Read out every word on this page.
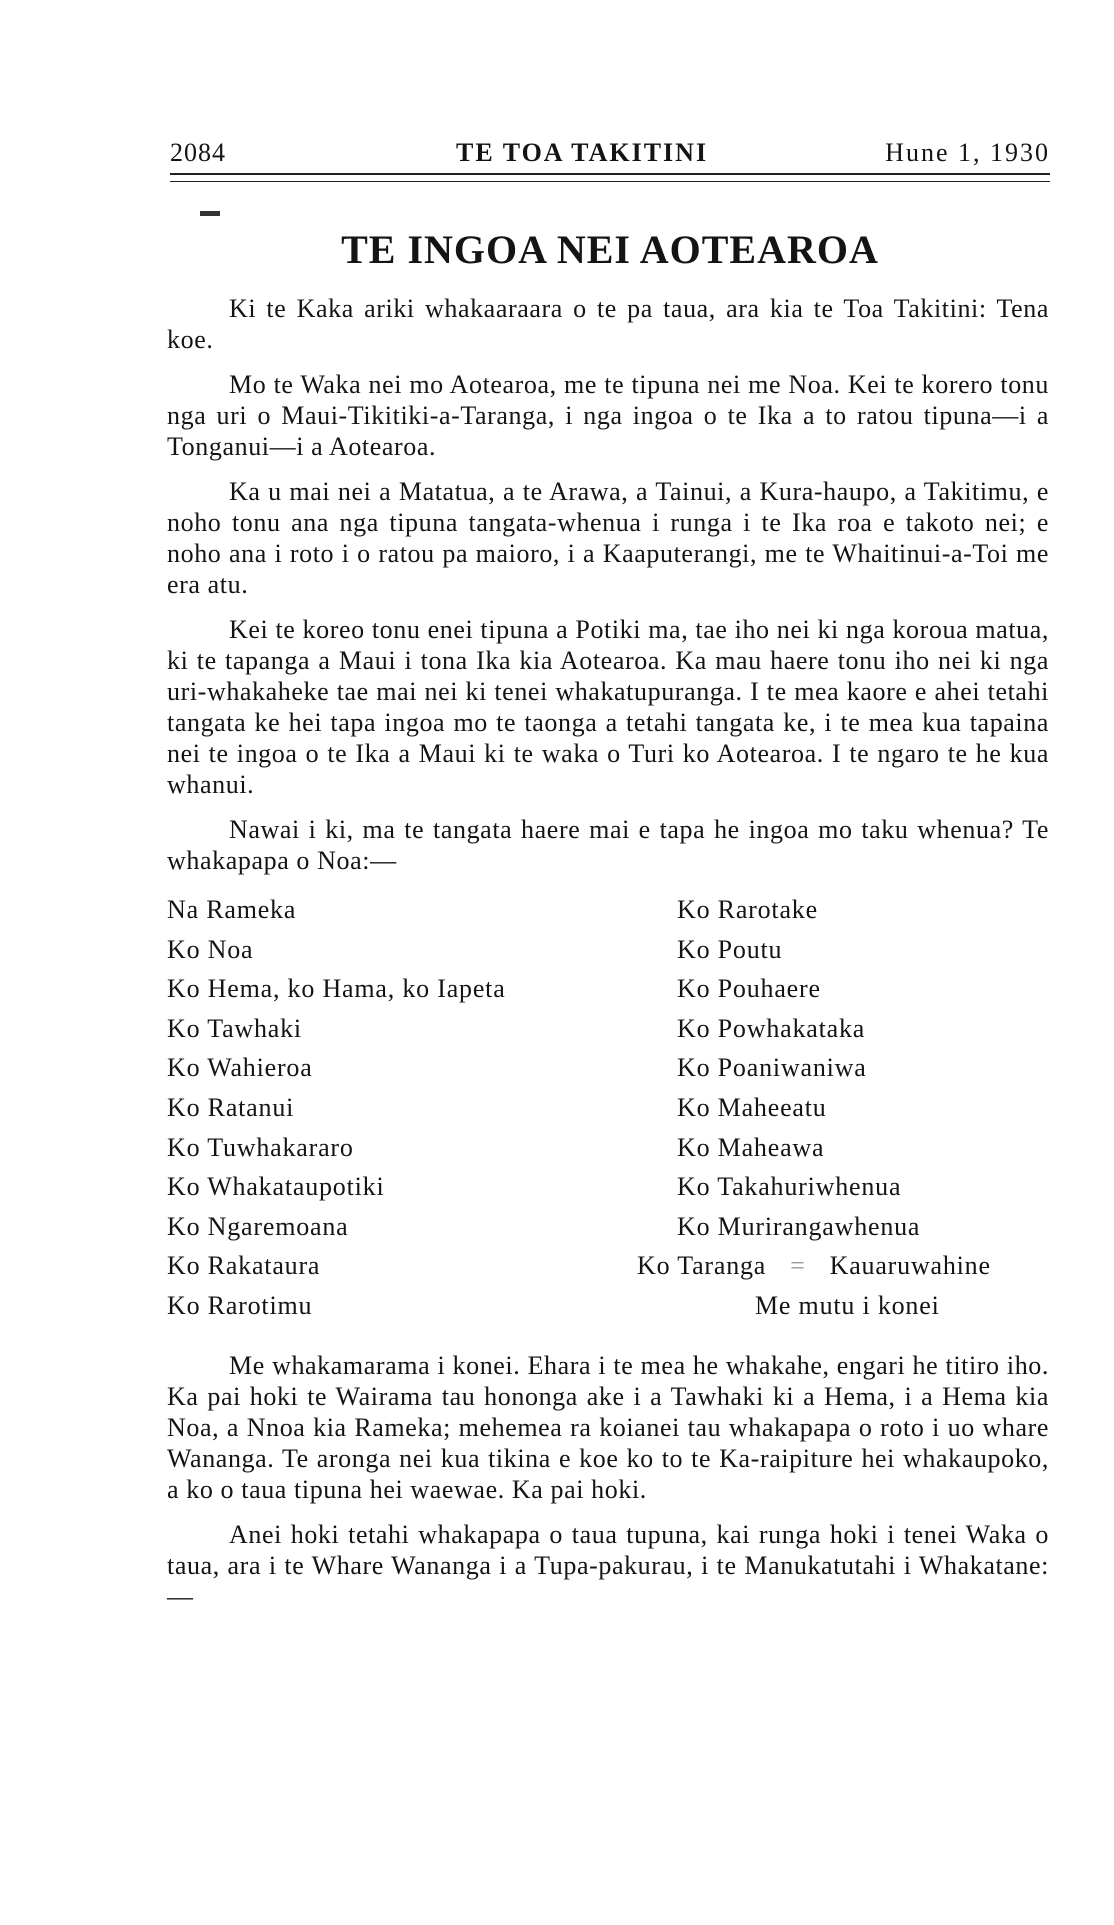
2084	TE TOA TAKITINI	Hune 1, 1930
TE INGOA NEI AOTEAROA

Ki te Kaka ariki whakaaraara o te pa taua, ara kia te Toa Takitini: Tena koe.

Mo te Waka nei mo Aotearoa, me te tipuna nei me Noa. Kei te korero tonu nga uri o Maui-Tikitiki-a-Taranga, i nga ingoa o te Ika a to ratou tipuna—i a Tonganui—i a Aotearoa.

Ka u mai nei a Matatua, a te Arawa, a Tainui, a Kura-haupo, a Takitimu, e noho tonu ana nga tipuna tangata-whenua i runga i te Ika roa e takoto nei; e noho ana i roto i o ratou pa maioro, i a Kaaputerangi, me te Whaitinui-a-Toi me era atu.

Kei te koreo tonu enei tipuna a Potiki ma, tae iho nei ki nga koroua matua, ki te tapanga a Maui i tona Ika kia Aotearoa. Ka mau haere tonu iho nei ki nga uri-whakaheke tae mai nei ki tenei whakatupuranga. I te mea kaore e ahei tetahi tangata ke hei tapa ingoa mo te taonga a tetahi tangata ke, i te mea kua tapaina nei te ingoa o te Ika a Maui ki te waka o Turi ko Aotearoa. I te ngaro te he kua whanui.

Nawai i ki, ma te tangata haere mai e tapa he ingoa mo taku whenua? Te whakapapa o Noa:—

Na Rameka
Ko Noa
Ko Hema, ko Hama, ko Iapeta
Ko Tawhaki
Ko Wahieroa
Ko Ratanui
Ko Tuwhakararo
Ko Whakataupotiki
Ko Ngaremoana
Ko Rakataura
Ko Rarotimu
Ko Rarotake
Ko Poutu
Ko Pouhaere
Ko Powhakataka
Ko Poaniwaniwa
Ko Maheeatu
Ko Maheawa
Ko Takahuriwhenua
Ko Murirangawhenua
Ko Taranga = Kauaruwahine
Me mutu i konei

Me whakamarama i konei. Ehara i te mea he whakahe, engari he titiro iho. Ka pai hoki te Wairama tau hononga ake i a Tawhaki ki a Hema, i a Hema kia Noa, a Nnoa kia Rameka; mehemea ra koianei tau whakapapa o roto i uo whare Wananga. Te aronga nei kua tikina e koe ko to te Ka-raipiture hei whakaupoko, a ko o taua tipuna hei waewae. Ka pai hoki.

Anei hoki tetahi whakapapa o taua tupuna, kai runga hoki i tenei Waka o taua, ara i te Whare Wananga i a Tupa-pakurau, i te Manukatutahi i Whakatane:—
